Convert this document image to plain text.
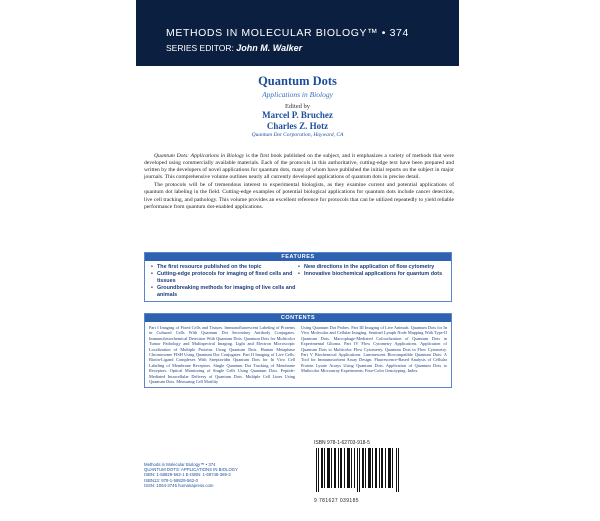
METHODS IN MOLECULAR BIOLOGY™ • 374
SERIES EDITOR: John M. Walker
Quantum Dots
Applications in Biology
Edited by
Marcel P. Bruchez
Charles Z. Hotz
Quantum Dot Corporation, Hayward, CA

Quantum Dots: Applications in Biology is the first book published on the subject, and it emphasizes a variety of methods that were developed using commercially available materials. Each of the protocols in this authoritative, cutting-edge text have been prepared and written by the developers of novel applications for quantum dots, many of whom have published the initial reports on the subject in major journals. This comprehensive volume outlines nearly all currently developed applications of quantum dots in precise detail.

The protocols will be of tremendous interest to experimental biologists, as they examine current and potential applications of quantum dot labeling in the field. Cutting-edge examples of potential biological applications for quantum dots include cancer detection, live cell tracking, and pathology. This volume provides an excellent reference for protocols that can be utilized repeatedly to yield reliable performance from quantum dot-enabled applications.

FEATURES
• The first resource published on the topic
• Cutting-edge protocols for imaging of fixed cells and tissues
• Groundbreaking methods for imaging of live cells and animals
• New directions in the application of flow cytometry
• Innovative biochemical applications for quantum dots
CONTENTS

Part I Imaging of Fixed Cells and Tissues. Immunofluorescent Labeling of Proteins in Cultured Cells With Quantum Dot Secondary Antibody Conjugates. Immunohistochemical Detection With Quantum Dots. Quantum Dots for Multicolor Tumor Pathology and Multispectral Imaging. Light and Electron Microscopic Localization of Multiple Proteins Using Quantum Dots. Human Metaphase Chromosome FISH Using Quantum Dot Conjugates. Part II Imaging of Live Cells. Biotin-Ligand Complexes With Streptavidin Quantum Dots for In Vivo Cell Labeling of Membrane Receptors. Single Quantum Dot Tracking of Membrane Receptors. Optical Monitoring of Single Cells Using Quantum Dots. Peptide-Mediated Intracellular Delivery of Quantum Dots. Multiple Cell Lines Using Quantum Dots. Measuring Cell Motility

Using Quantum Dot Probes. Part III Imaging of Live Animals. Quantum Dots for In Vivo Molecular and Cellular Imaging. Sentinel Lymph Node Mapping With Type-II Quantum Dots. Macrophage-Mediated Colocalization of Quantum Dots in Experimental Glioma. Part IV Flow Cytometry Applications. Application of Quantum Dots to Multicolor Flow Cytometry. Quantum Dots in Flow Cytometry. Part V Biochemical Applications. Luminescent Biocompatible Quantum Dots: A Tool for Immunosorbent Assay Design. Fluorescence-Based Analysis of Cellular Protein Lysate Arrays Using Quantum Dots. Application of Quantum Dots to Multicolor Microarray Experiments: Four-Color Genotyping. Index.

Methods in Molecular Biology™ • 374

QUANTUM DOTS: APPLICATIONS IN BIOLOGY

ISBN: 1-58829-562-1 E-ISBN: 1-59745-369-2

ISBN13: 978-1-58829-562-0

ISSN: 1064-3745 humanapress.com

ISBN 978-1-62703-918-5
9 781627 039185
